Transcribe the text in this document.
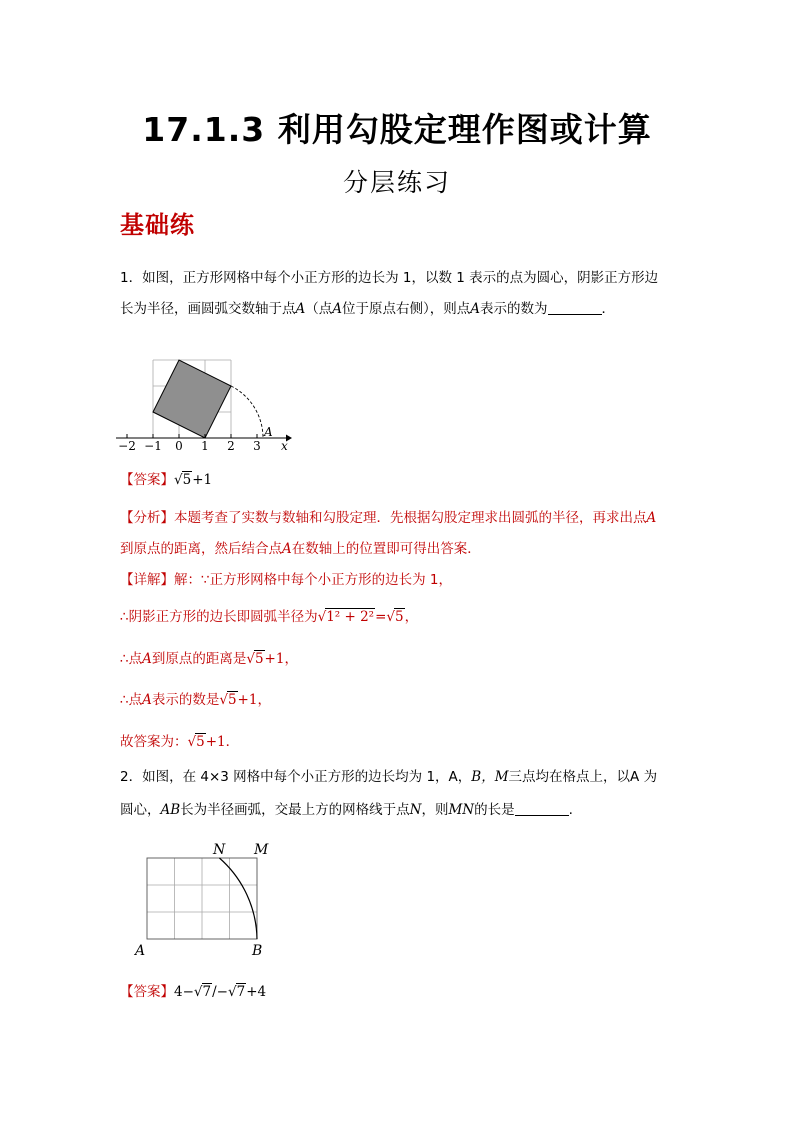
17.1.3 利用勾股定理作图或计算
分层练习
基础练
1．如图，正方形网格中每个小正方形的边长为 1，以数 1 表示的点为圆心，阴影正方形边
长为半径，画圆弧交数轴于点A（点A位于原点右侧），则点A表示的数为	．
−2 −1 0 1 2 3
A
x
【答案】√5+1
【分析】本题考查了实数与数轴和勾股定理．先根据勾股定理求出圆弧的半径，再求出点A
到原点的距离，然后结合点A在数轴上的位置即可得出答案．
【详解】解：∵正方形网格中每个小正方形的边长为 1，
∴阴影正方形的边长即圆弧半径为√1² + 2²=√5，
∴点A到原点的距离是√5+1，
∴点A表示的数是√5+1，
故答案为：√5+1．
2．如图，在 4×3 网格中每个小正方形的边长均为 1，A，B，M三点均在格点上，以A 为
圆心，AB长为半径画弧，交最上方的网格线于点N，则MN的长是	.
N M
A	B
【答案】4−√7/−√7+4
